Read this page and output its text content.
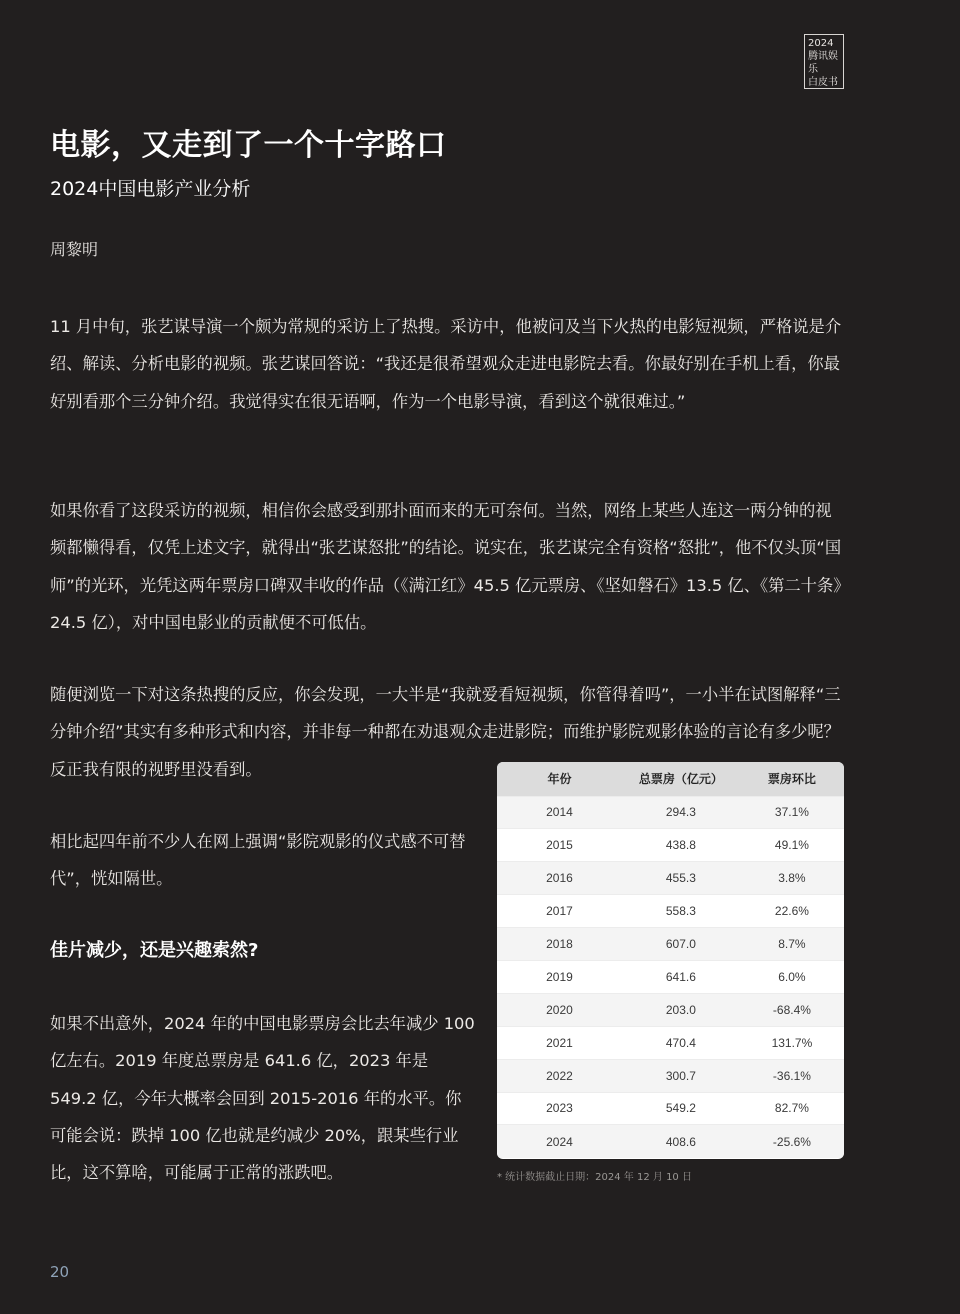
2024
腾讯娱乐
白皮书
电影，又走到了一个十字路口
2024中国电影产业分析
周黎明

11 月中旬，张艺谋导演一个颇为常规的采访上了热搜。采访中，他被问及当下火热的电影短视频，严格说是介绍、解读、分析电影的视频。张艺谋回答说：“我还是很希望观众走进电影院去看。你最好别在手机上看，你最好别看那个三分钟介绍。我觉得实在很无语啊，作为一个电影导演，看到这个就很难过。”

如果你看了这段采访的视频，相信你会感受到那扑面而来的无可奈何。当然，网络上某些人连这一两分钟的视频都懒得看，仅凭上述文字，就得出“张艺谋怒批”的结论。说实在，张艺谋完全有资格“怒批”，他不仅头顶“国师”的光环，光凭这两年票房口碑双丰收的作品（《满江红》45.5 亿元票房、《坚如磐石》13.5 亿、《第二十条》24.5 亿），对中国电影业的贡献便不可低估。

随便浏览一下对这条热搜的反应，你会发现，一大半是“我就爱看短视频，你管得着吗”，一小半在试图解释“三分钟介绍”其实有多种形式和内容，并非每一种都在劝退观众走进影院；而维护影院观影体验的言论有多少呢？反正我有限的视野里没看到。

相比起四年前不少人在网上强调“影院观影的仪式感不可替代”，恍如隔世。

佳片减少，还是兴趣索然?

如果不出意外，2024 年的中国电影票房会比去年减少 100 亿左右。2019 年度总票房是 641.6 亿，2023 年是 549.2 亿，今年大概率会回到 2015-2016 年的水平。你可能会说：跌掉 100 亿也就是约减少 20%，跟某些行业比，这不算啥，可能属于正常的涨跌吧。

年份	总票房（亿元）	票房环比
2014	294.3	37.1%
2015	438.8	49.1%
2016	455.3	3.8%
2017	558.3	22.6%
2018	607.0	8.7%
2019	641.6	6.0%
2020	203.0	-68.4%
2021	470.4	131.7%
2022	300.7	-36.1%
2023	549.2	82.7%
2024	408.6	-25.6%
* 统计数据截止日期：2024 年 12 月 10 日
20
